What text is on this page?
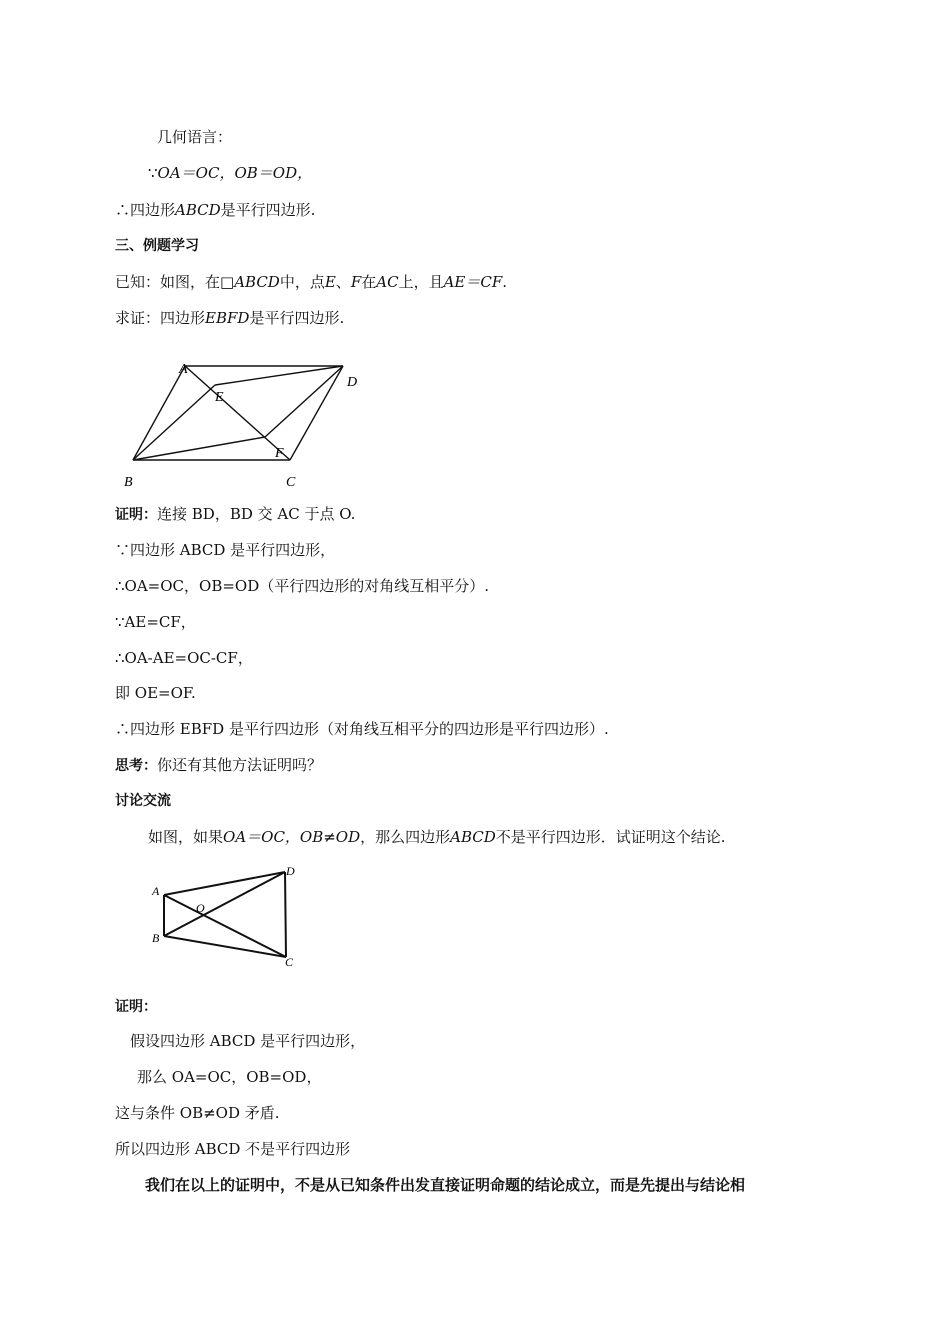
几何语言：
∵OA＝OC，OB＝OD，
∴四边形ABCD是平行四边形.
三、例题学习
已知：如图，在□ABCD中，点E、F在AC上，且AE＝CF.
求证：四边形EBFD是平行四边形.
A
D
E
F
B	C
证明：连接 BD，BD 交 AC 于点 O.
∵四边形 ABCD 是平行四边形，
∴OA=OC，OB=OD（平行四边形的对角线互相平分）.
∵AE=CF，
∴OA-AE=OC-CF，
即 OE=OF.
∴四边形 EBFD 是平行四边形（对角线互相平分的四边形是平行四边形）.
思考：你还有其他方法证明吗？
讨论交流
如图，如果OA＝OC，OB≠OD，那么四边形ABCD不是平行四边形．试证明这个结论.
A
D
O
B
C
证明：
假设四边形 ABCD 是平行四边形，
那么 OA=OC，OB=OD，
这与条件 OB≠OD 矛盾.
所以四边形 ABCD 不是平行四边形
我们在以上的证明中，不是从已知条件出发直接证明命题的结论成立，而是先提出与结论相
